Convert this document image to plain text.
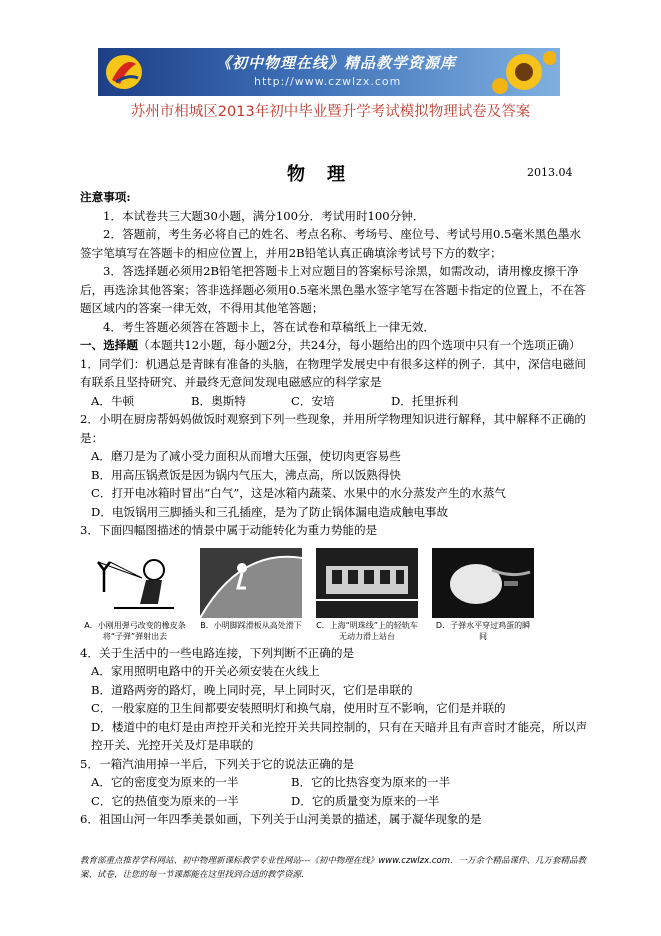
《初中物理在线》精品教学资源库
http://www.czwlzx.com
苏州市相城区2013年初中毕业暨升学考试模拟物理试卷及答案
物理	2013.04

注意事项:

1．本试卷共三大题30小题，满分100分．考试用时100分钟．

2．答题前，考生务必将自己的姓名、考点名称、考场号、座位号、考试号用0.5毫米黑色墨水签字笔填写在答题卡的相应位置上，并用2B铅笔认真正确填涂考试号下方的数字；

3．答选择题必须用2B铅笔把答题卡上对应题目的答案标号涂黑，如需改动，请用橡皮擦干净后，再选涂其他答案；答非选择题必须用0.5毫米黑色墨水签字笔写在答题卡指定的位置上，不在答题区域内的答案一律无效，不得用其他笔答题；

4．考生答题必须答在答题卡上，答在试卷和草稿纸上一律无效．

一、选择题（本题共12小题，每小题2分，共24分，每小题给出的四个选项中只有一个选项正确）

1．同学们：机遇总是青睐有准备的头脑，在物理学发展史中有很多这样的例子．其中，深信电磁间有联系且坚持研究、并最终无意间发现电磁感应的科学家是

A．牛顿	B．奥斯特	C．安培	D．托里拆利

2．小明在厨房帮妈妈做饭时观察到下列一些现象，并用所学物理知识进行解释，其中解释不正确的是：

A．磨刀是为了减小受力面积从而增大压强，使切肉更容易些

B．用高压锅煮饭是因为锅内气压大，沸点高，所以饭熟得快

C．打开电冰箱时冒出“白气”，这是冰箱内蔬菜、水果中的水分蒸发产生的水蒸气

D．电饭锅用三脚插头和三孔插座，是为了防止锅体漏电造成触电事故

3．下面四幅图描述的情景中属于动能转化为重力势能的是

A．小刚用弹弓改变的橡皮条将“子弹”弹射出去
B．小明脚踩滑板从高处滑下 C．上海“明珠线”上的轻轨车无动力滑上站台
D．子弹水平穿过鸡蛋的瞬间

4．关于生活中的一些电路连接，下列判断不正确的是

A．家用照明电路中的开关必须安装在火线上

B．道路两旁的路灯，晚上同时亮，早上同时灭，它们是串联的

C．一般家庭的卫生间都要安装照明灯和换气扇，使用时互不影响，它们是并联的

D．楼道中的电灯是由声控开关和光控开关共同控制的，只有在天暗并且有声音时才能亮，所以声控开关、光控开关及灯是串联的

5．一箱汽油用掉一半后，下列关于它的说法正确的是

A．它的密度变为原来的一半	B．它的比热容变为原来的一半
C．它的热值变为原来的一半	D．它的质量变为原来的一半

6．祖国山河一年四季美景如画，下列关于山河美景的描述，属于凝华现象的是

教育部重点推荐学科网站、初中物理新课标教学专业性网站---《初中物理在线》www.czwlzx.com．一万余个精品课件、几万套精品教案、试卷，让您的每一节课都能在这里找到合适的教学资源．
